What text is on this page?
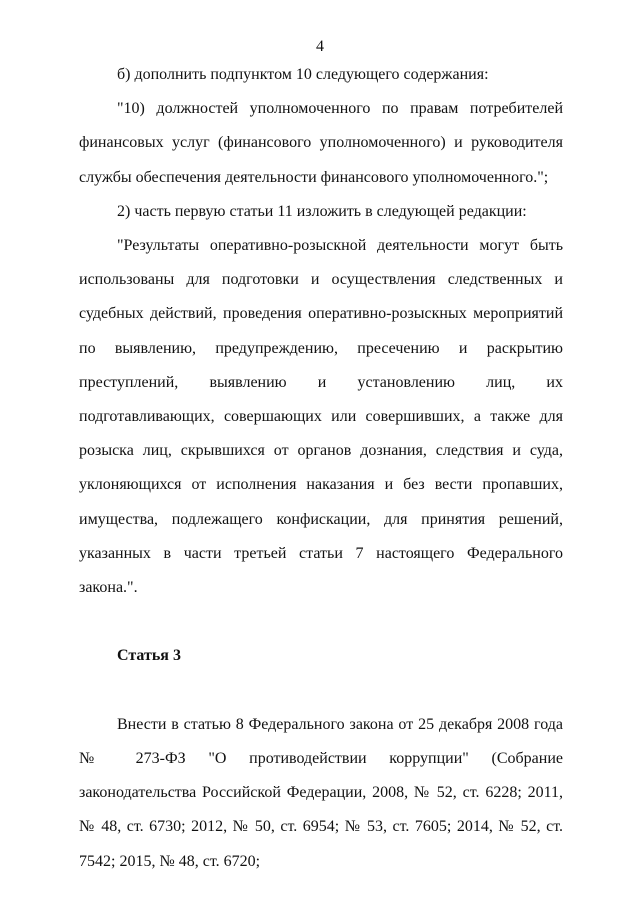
4

б) дополнить подпунктом 10 следующего содержания:

"10) должностей уполномоченного по правам потребителей финансовых услуг (финансового уполномоченного) и руководителя службы обеспечения деятельности финансового уполномоченного.";

2) часть первую статьи 11 изложить в следующей редакции:

"Результаты оперативно-розыскной деятельности могут быть использованы для подготовки и осуществления следственных и судебных действий, проведения оперативно-розыскных мероприятий по выявлению, предупреждению, пресечению и раскрытию преступлений, выявлению и установлению лиц, их подготавливающих, совершающих или совершивших, а также для розыска лиц, скрывшихся от органов дознания, следствия и суда, уклоняющихся от исполнения наказания и без вести пропавших, имущества, подлежащего конфискации, для принятия решений, указанных в части третьей статьи 7 настоящего Федерального закона.".

Статья 3

Внести в статью 8 Федерального закона от 25 декабря 2008 года № 273-ФЗ "О противодействии коррупции" (Собрание законодательства Российской Федерации, 2008, № 52, ст. 6228; 2011, № 48, ст. 6730; 2012, № 50, ст. 6954; № 53, ст. 7605; 2014, № 52, ст. 7542; 2015, № 48, ст. 6720;
